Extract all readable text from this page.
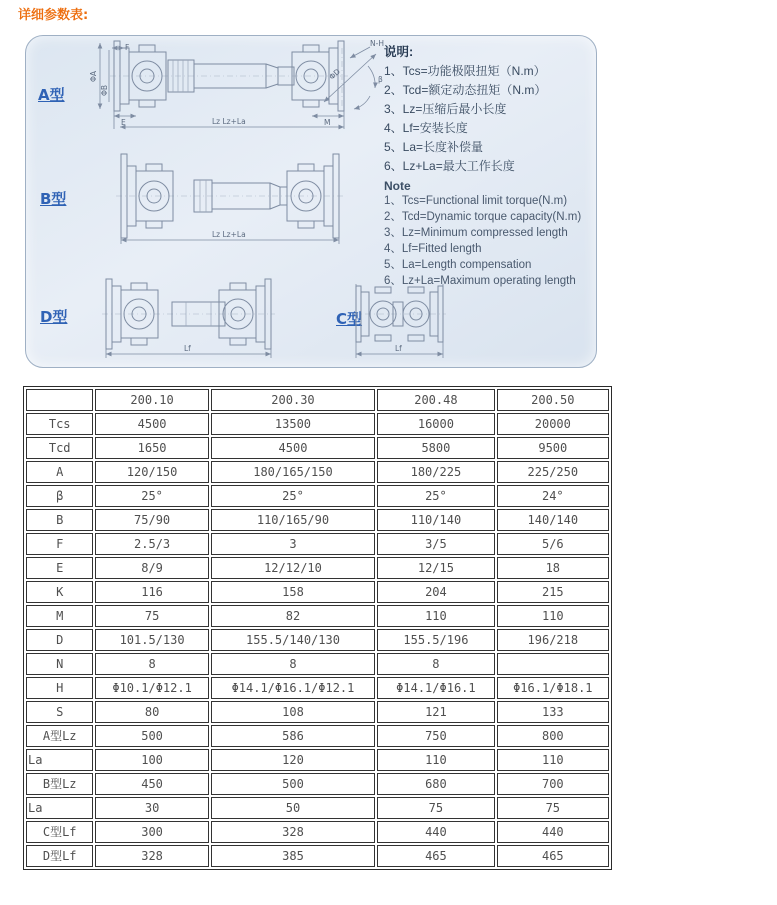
详细参数表:
A型
B型
D型	C型
F
ΦA
ΦB
E	M
Lz Lz+La
ΦD
N-H
β
Lz Lz+La
Lf	Lf
说明:
1、Tcs=功能极限扭矩（N.m）
2、Tcd=额定动态扭矩（N.m）
3、Lz=压缩后最小长度
4、Lf=安装长度
5、La=长度补偿量
6、Lz+La=最大工作长度
Note
1、Tcs=Functional limit torque(N.m)
2、Tcd=Dynamic torque capacity(N.m)
3、Lz=Minimum compressed length
4、Lf=Fitted length
5、La=Length compensation
6、Lz+La=Maximum operating length
	200.10	200.30	200.48	200.50
Tcs	4500	13500	16000	20000
Tcd	1650	4500	5800	9500
A	120/150	180/165/150	180/225	225/250
β	25°	25°	25°	24°
B	75/90	110/165/90	110/140	140/140
F	2.5/3	3	3/5	5/6
E	8/9	12/12/10	12/15	18
K	116	158	204	215
M	75	82	110	110
D	101.5/130	155.5/140/130	155.5/196	196/218
N	8	8	8	
H	Φ10.1/Φ12.1	Φ14.1/Φ16.1/Φ12.1	Φ14.1/Φ16.1	Φ16.1/Φ18.1
S	80	108	121	133
A型Lz	500	586	750	800
La	100	120	110	110
B型Lz	450	500	680	700
La	30	50	75	75
C型Lf	300	328	440	440
D型Lf	328	385	465	465
